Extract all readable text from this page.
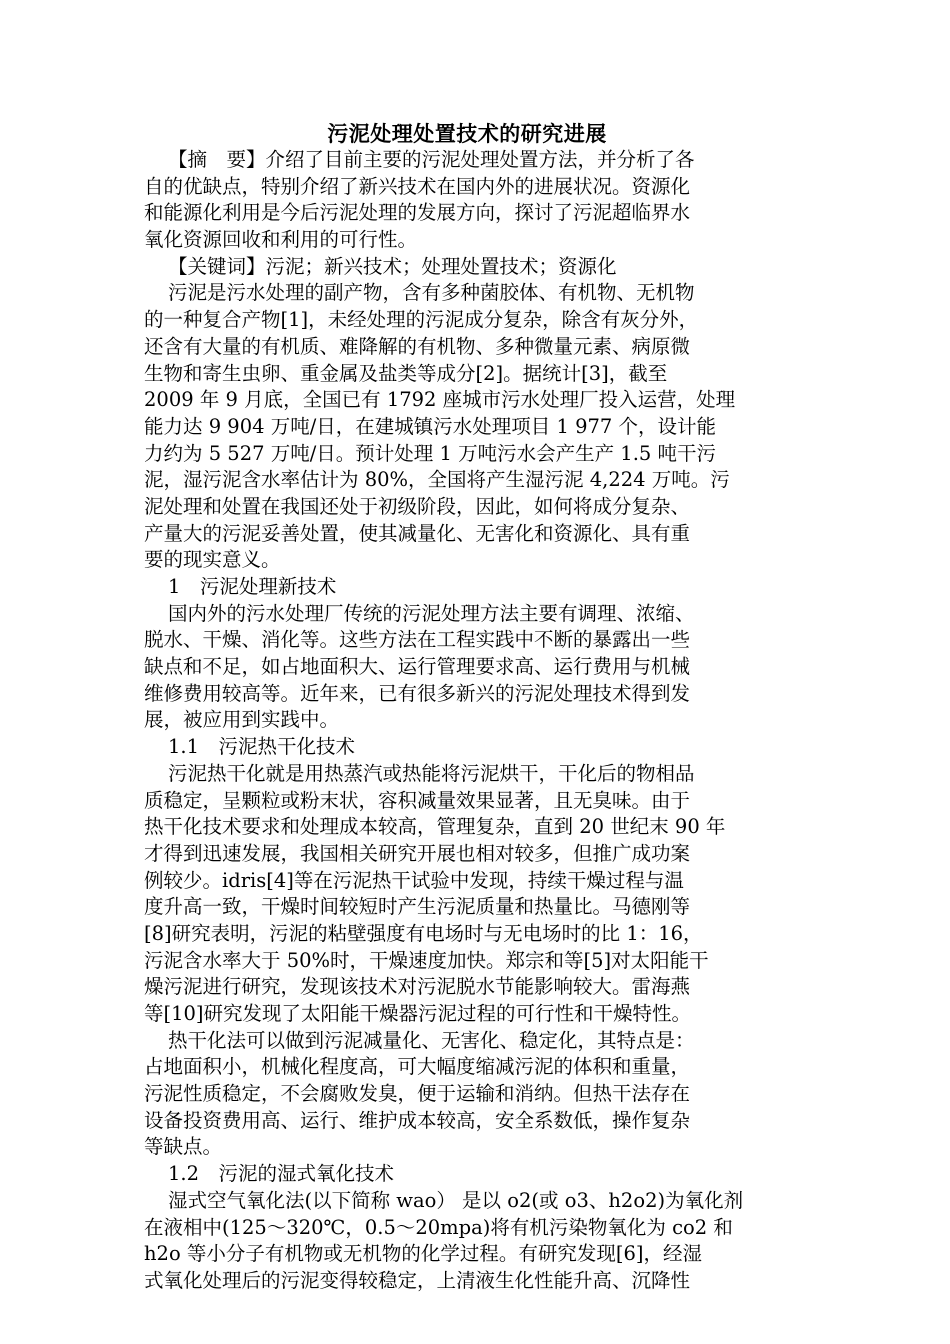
污泥处理处置技术的研究进展
【摘　要】介绍了目前主要的污泥处理处置方法，并分析了各
自的优缺点，特别介绍了新兴技术在国内外的进展状况。资源化
和能源化利用是今后污泥处理的发展方向，探讨了污泥超临界水
氧化资源回收和利用的可行性。
【关键词】污泥；新兴技术；处理处置技术；资源化
污泥是污水处理的副产物，含有多种菌胶体、有机物、无机物
的一种复合产物[1]，未经处理的污泥成分复杂，除含有灰分外，
还含有大量的有机质、难降解的有机物、多种微量元素、病原微
生物和寄生虫卵、重金属及盐类等成分[2]。据统计[3]，截至
2009 年 9 月底，全国已有 1792 座城市污水处理厂投入运营，处理
能力达 9 904 万吨/日，在建城镇污水处理项目 1 977 个，设计能
力约为 5 527 万吨/日。预计处理 1 万吨污水会产生产 1.5 吨干污
泥，湿污泥含水率估计为 80%，全国将产生湿污泥 4,224 万吨。污
泥处理和处置在我国还处于初级阶段，因此，如何将成分复杂、
产量大的污泥妥善处置，使其减量化、无害化和资源化、具有重
要的现实意义。
1　污泥处理新技术
国内外的污水处理厂传统的污泥处理方法主要有调理、浓缩、
脱水、干燥、消化等。这些方法在工程实践中不断的暴露出一些
缺点和不足，如占地面积大、运行管理要求高、运行费用与机械
维修费用较高等。近年来，已有很多新兴的污泥处理技术得到发
展，被应用到实践中。
1.1　污泥热干化技术
污泥热干化就是用热蒸汽或热能将污泥烘干，干化后的物相品
质稳定，呈颗粒或粉末状，容积减量效果显著，且无臭味。由于
热干化技术要求和处理成本较高，管理复杂，直到 20 世纪末 90 年
才得到迅速发展，我国相关研究开展也相对较多，但推广成功案
例较少。idris[4]等在污泥热干试验中发现，持续干燥过程与温
度升高一致，干燥时间较短时产生污泥质量和热量比。马德刚等
[8]研究表明，污泥的粘壁强度有电场时与无电场时的比 1：16，
污泥含水率大于 50%时，干燥速度加快。郑宗和等[5]对太阳能干
燥污泥进行研究，发现该技术对污泥脱水节能影响较大。雷海燕
等[10]研究发现了太阳能干燥器污泥过程的可行性和干燥特性。
热干化法可以做到污泥减量化、无害化、稳定化，其特点是：
占地面积小，机械化程度高，可大幅度缩减污泥的体积和重量，
污泥性质稳定，不会腐败发臭，便于运输和消纳。但热干法存在
设备投资费用高、运行、维护成本较高，安全系数低，操作复杂
等缺点。
1.2　污泥的湿式氧化技术
湿式空气氧化法(以下简称 wao） 是以 o2(或 o3、h2o2)为氧化剂
在液相中(125～320℃，0.5～20mpa)将有机污染物氧化为 co2 和
h2o 等小分子有机物或无机物的化学过程。有研究发现[6]，经湿
式氧化处理后的污泥变得较稳定，上清液生化性能升高、沉降性
